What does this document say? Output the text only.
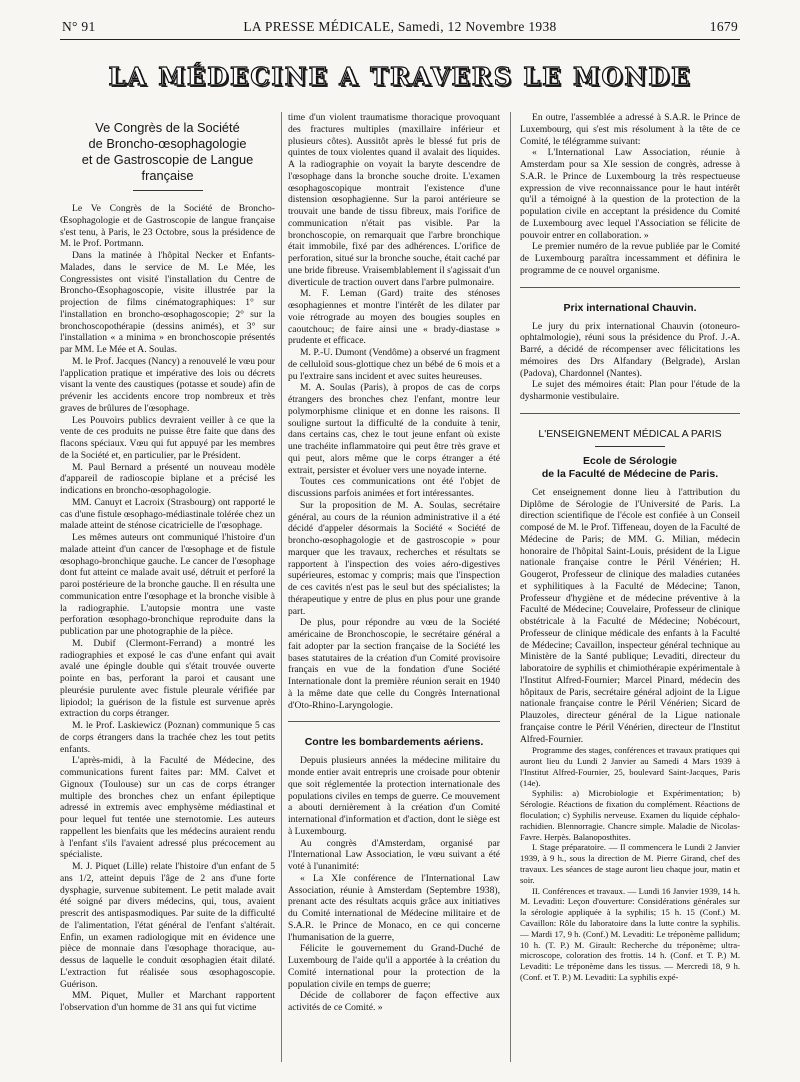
N° 91	LA PRESSE MÉDICALE, Samedi, 12 Novembre 1938	1679
LA MÉDECINE A TRAVERS LE MONDE
Ve Congrès de la Société
de Broncho-œsophagologie
et de Gastroscopie de Langue française

Le Ve Congrès de la Société de Broncho-Œsophagologie et de Gastroscopie de langue française s'est tenu, à Paris, le 23 Octobre, sous la présidence de M. le Prof. Portmann.

Dans la matinée à l'hôpital Necker et Enfants-Malades, dans le service de M. Le Mée, les Congressistes ont visité l'installation du Centre de Broncho-Œsophagoscopie, visite illustrée par la projection de films cinématographiques: 1° sur l'installation en broncho-œsophagoscopie; 2° sur la bronchoscopothérapie (dessins animés), et 3° sur l'installation « a minima » en bronchoscopie présentés par MM. Le Mée et A. Soulas.

M. le Prof. Jacques (Nancy) a renouvelé le vœu pour l'application pratique et impérative des lois ou décrets visant la vente des caustiques (potasse et soude) afin de prévenir les accidents encore trop nombreux et très graves de brûlures de l'œsophage.

Les Pouvoirs publics devraient veiller à ce que la vente de ces produits ne puisse être faite que dans des flacons spéciaux. Vœu qui fut appuyé par les membres de la Société et, en particulier, par le Président.

M. Paul Bernard a présenté un nouveau modèle d'appareil de radioscopie biplane et a précisé les indications en broncho-œsophagologie.

MM. Canuyt et Lacroix (Strasbourg) ont rapporté le cas d'une fistule œsophago-médiastinale tolérée chez un malade atteint de sténose cicatricielle de l'œsophage.

Les mêmes auteurs ont communiqué l'histoire d'un malade atteint d'un cancer de l'œsophage et de fistule œsophago-bronchique gauche. Le cancer de l'œsophage dont fut atteint ce malade avait usé, détruit et perforé la paroi postérieure de la bronche gauche. Il en résulta une communication entre l'œsophage et la bronche visible à la radiographie. L'autopsie montra une vaste perforation œsophago-bronchique reproduite dans la publication par une photographie de la pièce.

M. Dubif (Clermont-Ferrand) a montré les radiographies et exposé le cas d'une enfant qui avait avalé une épingle double qui s'était trouvée ouverte pointe en bas, perforant la paroi et causant une pleurésie purulente avec fistule pleurale vérifiée par lipiodol; la guérison de la fistule est survenue après extraction du corps étranger.

M. le Prof. Laskiewicz (Poznan) communique 5 cas de corps étrangers dans la trachée chez les tout petits enfants.

L'après-midi, à la Faculté de Médecine, des communications furent faites par: MM. Calvet et Gignoux (Toulouse) sur un cas de corps étranger multiple des bronches chez un enfant épileptique adressé in extremis avec emphysème médiastinal et pour lequel fut tentée une sternotomie. Les auteurs rappellent les bienfaits que les médecins auraient rendu à l'enfant s'ils l'avaient adressé plus précocement au spécialiste.

M. J. Piquet (Lille) relate l'histoire d'un enfant de 5 ans 1/2, atteint depuis l'âge de 2 ans d'une forte dysphagie, survenue subitement. Le petit malade avait été soigné par divers médecins, qui, tous, avaient prescrit des antispasmodiques. Par suite de la difficulté de l'alimentation, l'état général de l'enfant s'altérait. Enfin, un examen radiologique mit en évidence une pièce de monnaie dans l'œsophage thoracique, au-dessus de laquelle le conduit œsophagien était dilaté. L'extraction fut réalisée sous œsophagoscopie. Guérison.

MM. Piquet, Muller et Marchant rapportent l'observation d'un homme de 31 ans qui fut victime

time d'un violent traumatisme thoracique provoquant des fractures multiples (maxillaire inférieur et plusieurs côtes). Aussitôt après le blessé fut pris de quintes de toux violentes quand il avalait des liquides. A la radiographie on voyait la baryte descendre de l'œsophage dans la bronche souche droite. L'examen œsophagoscopique montrait l'existence d'une distension œsophagienne. Sur la paroi antérieure se trouvait une bande de tissu fibreux, mais l'orifice de communication n'était pas visible. Par la bronchoscopie, on remarquait que l'arbre bronchique était immobile, fixé par des adhérences. L'orifice de perforation, situé sur la bronche souche, était caché par une bride fibreuse. Vraisemblablement il s'agissait d'un diverticule de traction ouvert dans l'arbre pulmonaire.

M. F. Leman (Gard) traite des sténoses œsophagiennes et montre l'intérêt de les dilater par voie rétrograde au moyen des bougies souples en caoutchouc; de faire ainsi une « brady-diastase » prudente et efficace.

M. P.-U. Dumont (Vendôme) a observé un fragment de celluloïd sous-glottique chez un bébé de 6 mois et a pu l'extraire sans incident et avec suites heureuses.

M. A. Soulas (Paris), à propos de cas de corps étrangers des bronches chez l'enfant, montre leur polymorphisme clinique et en donne les raisons. Il souligne surtout la difficulté de la conduite à tenir, dans certains cas, chez le tout jeune enfant où existe une trachéite inflammatoire qui peut être très grave et qui peut, alors même que le corps étranger a été extrait, persister et évoluer vers une noyade interne.

Toutes ces communications ont été l'objet de discussions parfois animées et fort intéressantes.

Sur la proposition de M. A. Soulas, secrétaire général, au cours de la réunion administrative il a été décidé d'appeler désormais la Société « Société de broncho-œsophagologie et de gastroscopie » pour marquer que les travaux, recherches et résultats se rapportent à l'inspection des voies aéro-digestives supérieures, estomac y compris; mais que l'inspection de ces cavités n'est pas le seul but des spécialistes; la thérapeutique y entre de plus en plus pour une grande part.

De plus, pour répondre au vœu de la Société américaine de Bronchoscopie, le secrétaire général a fait adopter par la section française de la Société les bases statutaires de la création d'un Comité provisoire français en vue de la fondation d'une Société Internationale dont la première réunion serait en 1940 à la même date que celle du Congrès International d'Oto-Rhino-Laryngologie.

Contre les bombardements aériens.

Depuis plusieurs années la médecine militaire du monde entier avait entrepris une croisade pour obtenir que soit réglementée la protection internationale des populations civiles en temps de guerre. Ce mouvement a abouti dernièrement à la création d'un Comité international d'information et d'action, dont le siège est à Luxembourg.

Au congrès d'Amsterdam, organisé par l'International Law Association, le vœu suivant a été voté à l'unanimité:

« La XIe conférence de l'International Law Association, réunie à Amsterdam (Septembre 1938), prenant acte des résultats acquis grâce aux initiatives du Comité international de Médecine militaire et de S.A.R. le Prince de Monaco, en ce qui concerne l'humanisation de la guerre,

Félicite le gouvernement du Grand-Duché de Luxembourg de l'aide qu'il a apportée à la création du Comité international pour la protection de la population civile en temps de guerre;

Décide de collaborer de façon effective aux activités de ce Comité. »

En outre, l'assemblée a adressé à S.A.R. le Prince de Luxembourg, qui s'est mis résolument à la tête de ce Comité, le télégramme suivant:

« L'International Law Association, réunie à Amsterdam pour sa XIe session de congrès, adresse à S.A.R. le Prince de Luxembourg la très respectueuse expression de vive reconnaissance pour le haut intérêt qu'il a témoigné à la question de la protection de la population civile en acceptant la présidence du Comité de Luxembourg avec lequel l'Association se félicite de pouvoir entrer en collaboration. »

Le premier numéro de la revue publiée par le Comité de Luxembourg paraîtra incessamment et définira le programme de ce nouvel organisme.

Prix international Chauvin.

Le jury du prix international Chauvin (otoneuro-ophtalmologie), réuni sous la présidence du Prof. J.-A. Barré, a décidé de récompenser avec félicitations les mémoires des Drs Alfandary (Belgrade), Arslan (Padova), Chardonnel (Nantes).

Le sujet des mémoires était: Plan pour l'étude de la dysharmonie vestibulaire.

L'ENSEIGNEMENT MÉDICAL A PARIS
Ecole de Sérologie
de la Faculté de Médecine de Paris.

Cet enseignement donne lieu à l'attribution du Diplôme de Sérologie de l'Université de Paris. La direction scientifique de l'école est confiée à un Conseil composé de M. le Prof. Tiffeneau, doyen de la Faculté de Médecine de Paris; de MM. G. Milian, médecin honoraire de l'hôpital Saint-Louis, président de la Ligue nationale française contre le Péril Vénérien; H. Gougerot, Professeur de clinique des maladies cutanées et syphilitiques à la Faculté de Médecine; Tanon, Professeur d'hygiène et de médecine préventive à la Faculté de Médecine; Couvelaire, Professeur de clinique obstétricale à la Faculté de Médecine; Nobécourt, Professeur de clinique médicale des enfants à la Faculté de Médecine; Cavaillon, inspecteur général technique au Ministère de la Santé publique; Levaditi, directeur du laboratoire de syphilis et chimiothérapie expérimentale à l'Institut Alfred-Fournier; Marcel Pinard, médecin des hôpitaux de Paris, secrétaire général adjoint de la Ligue nationale française contre le Péril Vénérien; Sicard de Plauzoles, directeur général de la Ligue nationale française contre le Péril Vénérien, directeur de l'Institut Alfred-Fournier.

Programme des stages, conférences et travaux pratiques qui auront lieu du Lundi 2 Janvier au Samedi 4 Mars 1939 à l'Institut Alfred-Fournier, 25, boulevard Saint-Jacques, Paris (14e).

Syphilis: a) Microbiologie et Expérimentation; b) Sérologie. Réactions de fixation du complément. Réactions de floculation; c) Syphilis nerveuse. Examen du liquide céphalo-rachidien. Blennorragie. Chancre simple. Maladie de Nicolas-Favre. Herpès. Balanoposthites.

I. Stage préparatoire. — Il commencera le Lundi 2 Janvier 1939, à 9 h., sous la direction de M. Pierre Girand, chef des travaux. Les séances de stage auront lieu chaque jour, matin et soir.

II. Conférences et travaux. — Lundi 16 Janvier 1939, 14 h. M. Levaditi: Leçon d'ouverture: Considérations générales sur la sérologie appliquée à la syphilis; 15 h. 15 (Conf.) M. Cavaillon: Rôle du laboratoire dans la lutte contre la syphilis. — Mardi 17, 9 h. (Conf.) M. Levaditi: Le tréponème pallidum; 10 h. (T. P.) M. Girault: Recherche du tréponème; ultra-microscope, coloration des frottis. 14 h. (Conf. et T. P.) M. Levaditi: Le tréponème dans les tissus. — Mercredi 18, 9 h. (Conf. et T. P.) M. Levaditi: La syphilis expé-
